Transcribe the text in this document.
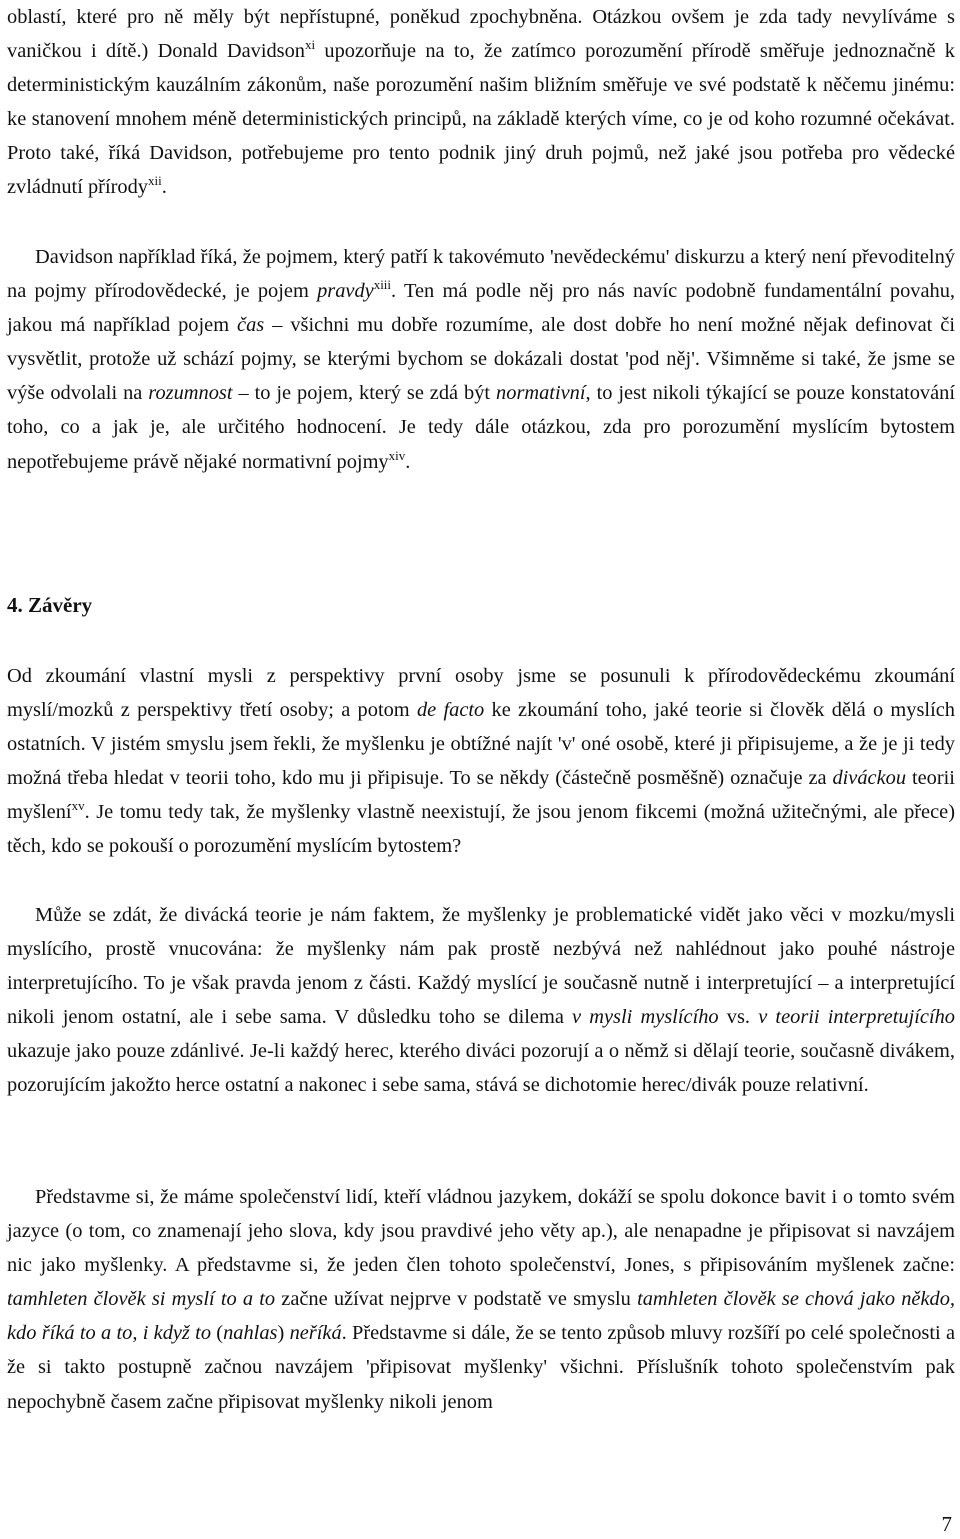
oblastí, které pro ně měly být nepřístupné, poněkud zpochybněna. Otázkou ovšem je zda tady nevylíváme s vaničkou i dítě.) Donald Davidson$^{xi}$ upozorňuje na to, že zatímco porozumění přírodě směřuje jednoznačně k deterministickým kauzálním zákonům, naše porozumění našim bližním směřuje ve své podstatě k něčemu jinému: ke stanovení mnohem méně deterministických principů, na základě kterých víme, co je od koho rozumné očekávat. Proto také, říká Davidson, potřebujeme pro tento podnik jiný druh pojmů, než jaké jsou potřeba pro vědecké zvládnutí přírody$^{xii}$.

Davidson například říká, že pojmem, který patří k takovémuto 'nevědeckému' diskurzu a který není převoditelný na pojmy přírodovědecké, je pojem pravdy$^{xiii}$. Ten má podle něj pro nás navíc podobně fundamentální povahu, jakou má například pojem čas – všichni mu dobře rozumíme, ale dost dobře ho není možné nějak definovat či vysvětlit, protože už schází pojmy, se kterými bychom se dokázali dostat 'pod něj'. Všimněme si také, že jsme se výše odvolali na rozumnost – to je pojem, který se zdá být normativní, to jest nikoli týkající se pouze konstatování toho, co a jak je, ale určitého hodnocení. Je tedy dále otázkou, zda pro porozumění myslícím bytostem nepotřebujeme právě nějaké normativní pojmy$^{xiv}$.

4. Závěry

Od zkoumání vlastní mysli z perspektivy první osoby jsme se posunuli k přírodovědeckému zkoumání myslí/mozků z perspektivy třetí osoby; a potom de facto ke zkoumání toho, jaké teorie si člověk dělá o myslích ostatních. V jistém smyslu jsem řekli, že myšlenku je obtížné najít 'v' oné osobě, které ji připisujeme, a že je ji tedy možná třeba hledat v teorii toho, kdo mu ji připisuje. To se někdy (částečně posměšně) označuje za diváckou teorii myšlení$^{xv}$. Je tomu tedy tak, že myšlenky vlastně neexistují, že jsou jenom fikcemi (možná užitečnými, ale přece) těch, kdo se pokouší o porozumění myslícím bytostem?

Může se zdát, že divácká teorie je nám faktem, že myšlenky je problematické vidět jako věci v mozku/mysli myslícího, prostě vnucována: že myšlenky nám pak prostě nezbývá než nahlédnout jako pouhé nástroje interpretujícího. To je však pravda jenom z části. Každý myslící je současně nutně i interpretující – a interpretující nikoli jenom ostatní, ale i sebe sama. V důsledku toho se dilema v mysli myslícího vs. v teorii interpretujícího ukazuje jako pouze zdánlivé. Je-li každý herec, kterého diváci pozorují a o němž si dělají teorie, současně divákem, pozorujícím jakožto herce ostatní a nakonec i sebe sama, stává se dichotomie herec/divák pouze relativní.

Představme si, že máme společenství lidí, kteří vládnou jazykem, dokáží se spolu dokonce bavit i o tomto svém jazyce (o tom, co znamenají jeho slova, kdy jsou pravdivé jeho věty ap.), ale nenapadne je připisovat si navzájem nic jako myšlenky. A představme si, že jeden člen tohoto společenství, Jones, s připisováním myšlenek začne: tamhleten člověk si myslí to a to začne užívat nejprve v podstatě ve smyslu tamhleten člověk se chová jako někdo, kdo říká to a to, i když to (nahlas) neříká. Představme si dále, že se tento způsob mluvy rozšíří po celé společnosti a že si takto postupně začnou navzájem 'připisovat myšlenky' všichni. Příslušník tohoto společenstvím pak nepochybně časem začne připisovat myšlenky nikoli jenom

7
